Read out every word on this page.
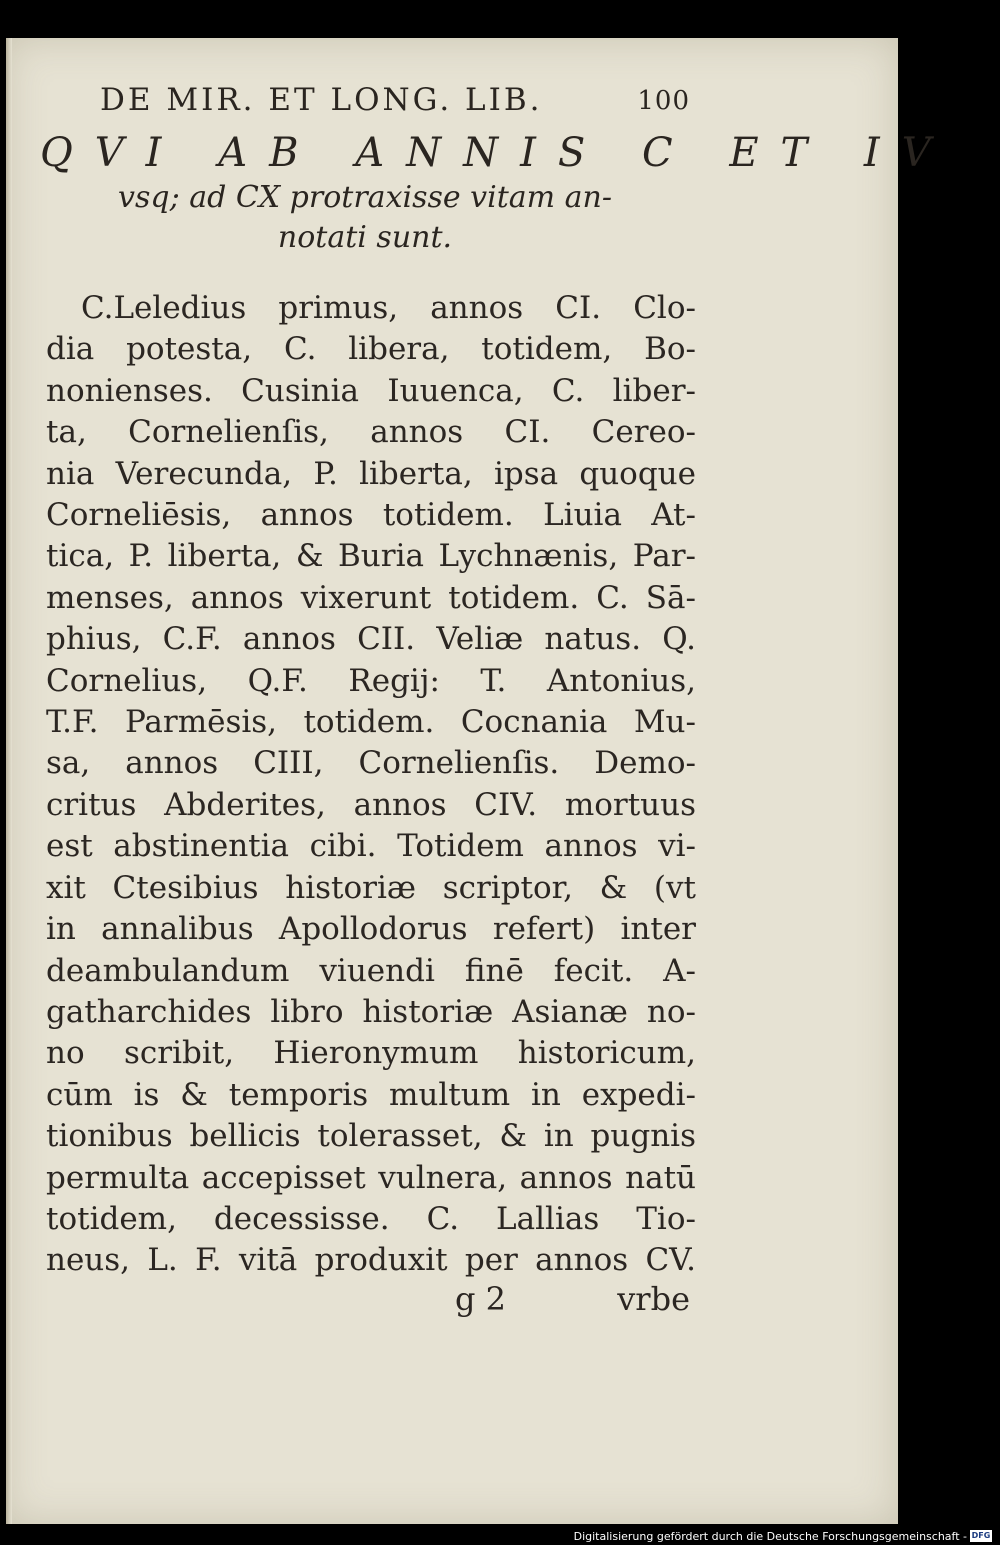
DE MIR. ET LONG. LIB.	100
QVI AB ANNIS C ET IV
vsq; ad CX protraxisse vitam an-
notati sunt.
C.Leledius primus, annos CI. Clo-
dia potesta, C. libera, totidem, Bo-
nonienses. Cusinia Iuuenca, C. liber-
ta, Cornelienſis, annos CI. Cereo-
nia Verecunda, P. liberta, ipsa quoque
Corneliēsis, annos totidem. Liuia At-
tica, P. liberta, & Buria Lychnænis, Par-
menses, annos vixerunt totidem. C. Sā-
phius, C.F. annos CII. Veliæ natus. Q.
Cornelius, Q.F. Regij: T. Antonius,
T.F. Parmēsis, totidem. Cocnania Mu-
sa, annos CIII, Cornelienſis. Demo-
critus Abderites, annos CIV. mortuus
est abstinentia cibi. Totidem annos vi-
xit Ctesibius historiæ scriptor, & (vt
in annalibus Apollodorus refert) inter
deambulandum viuendi finē fecit. A-
gatharchides libro historiæ Asianæ no-
no scribit, Hieronymum historicum,
cūm is & temporis multum in expedi-
tionibus bellicis tolerasset, & in pugnis
permulta accepisset vulnera, annos natū
totidem, decessisse. C. Lallias Tio-
neus, L. F. vitā produxit per annos CV.
g 2	vrbe
Digitalisierung gefördert durch die Deutsche Forschungsgemeinschaft - DFG
